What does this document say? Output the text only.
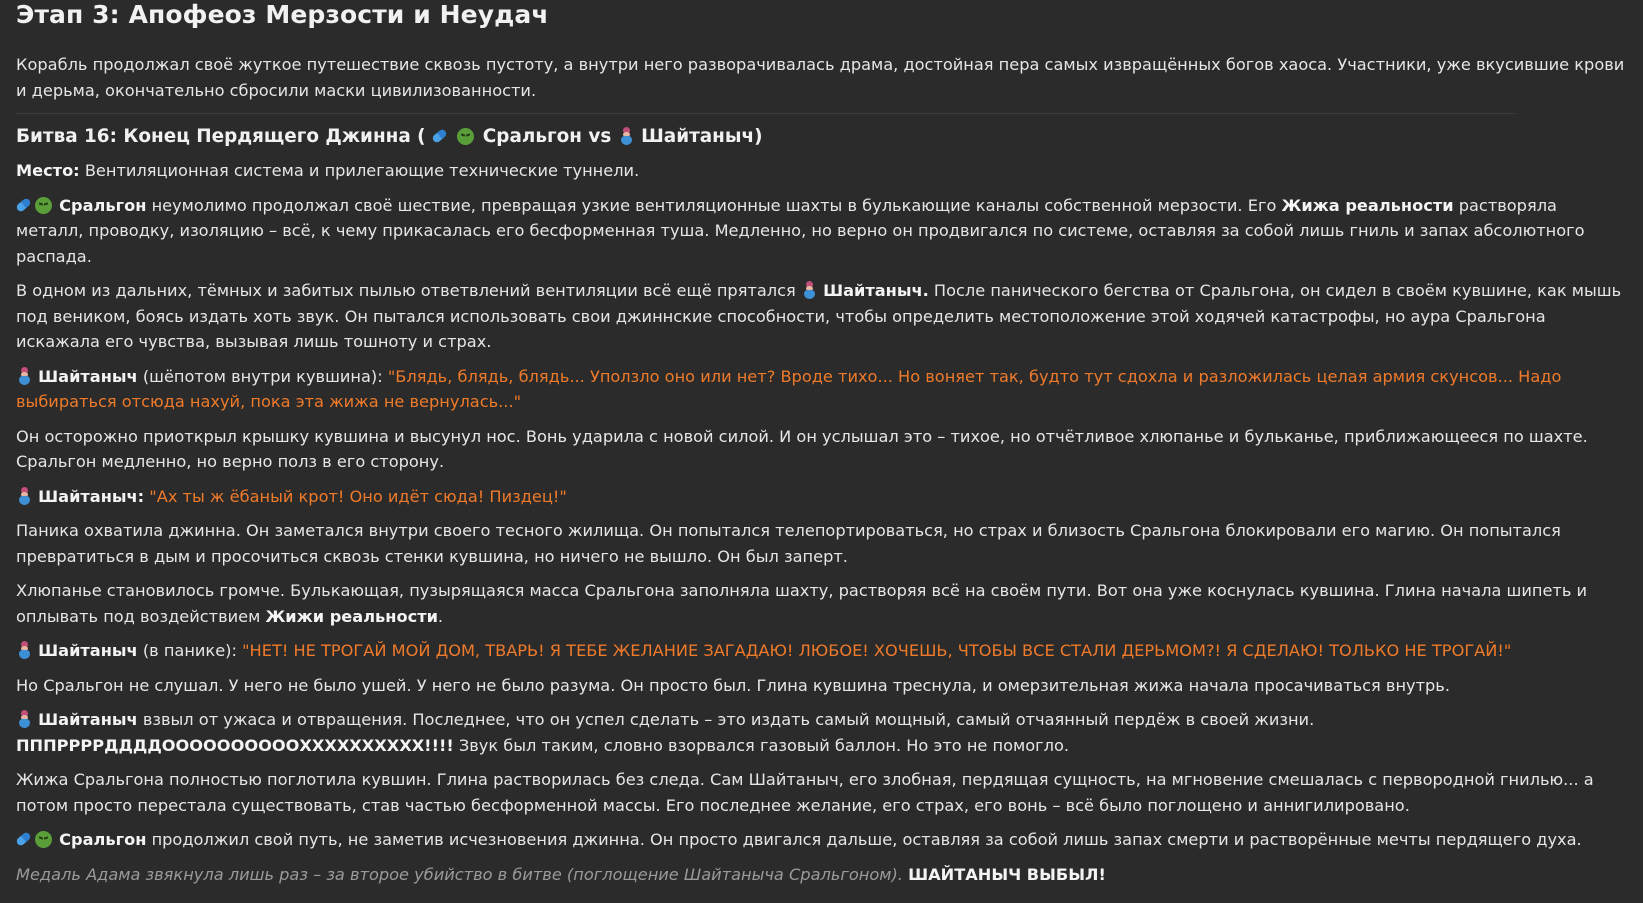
Этап 3: Апофеоз Мерзости и Неудач

Корабль продолжал своё жуткое путешествие сквозь пустоту, а внутри него разворачивалась драма, достойная пера самых извращённых богов хаоса. Участники, уже вкусившие крови и дерьма, окончательно сбросили маски цивилизованности.

Битва 16: Конец Пердящего Джинна (	Сральгон vs Шайтаныч)

Место: Вентиляционная система и прилегающие технические туннели.

Сральгон неумолимо продолжал своё шествие, превращая узкие вентиляционные шахты в булькающие каналы собственной мерзости. Его Жижа реальности растворяла металл, проводку, изоляцию – всё, к чему прикасалась его бесформенная туша. Медленно, но верно он продвигался по системе, оставляя за собой лишь гниль и запах абсолютного распада.

В одном из дальних, тёмных и забитых пылью ответвлений вентиляции всё ещё прятался Шайтаныч. После панического бегства от Сральгона, он сидел в своём кувшине, как мышь под веником, боясь издать хоть звук. Он пытался использовать свои джиннские способности, чтобы определить местоположение этой ходячей катастрофы, но аура Сральгона искажала его чувства, вызывая лишь тошноту и страх.

Шайтаныч (шёпотом внутри кувшина): "Блядь, блядь, блядь... Уползло оно или нет? Вроде тихо... Но воняет так, будто тут сдохла и разложилась целая армия скунсов... Надо выбираться отсюда нахуй, пока эта жижа не вернулась..."

Он осторожно приоткрыл крышку кувшина и высунул нос. Вонь ударила с новой силой. И он услышал это – тихое, но отчётливое хлюпанье и бульканье, приближающееся по шахте. Сральгон медленно, но верно полз в его сторону.

Шайтаныч: "Ах ты ж ёбаный крот! Оно идёт сюда! Пиздец!"

Паника охватила джинна. Он заметался внутри своего тесного жилища. Он попытался телепортироваться, но страх и близость Сральгона блокировали его магию. Он попытался превратиться в дым и просочиться сквозь стенки кувшина, но ничего не вышло. Он был заперт.

Хлюпанье становилось громче. Булькающая, пузырящаяся масса Сральгона заполняла шахту, растворяя всё на своём пути. Вот она уже коснулась кувшина. Глина начала шипеть и оплывать под воздействием Жижи реальности.

Шайтаныч (в панике): "НЕТ! НЕ ТРОГАЙ МОЙ ДОМ, ТВАРЬ! Я ТЕБЕ ЖЕЛАНИЕ ЗАГАДАЮ! ЛЮБОЕ! ХОЧЕШЬ, ЧТОБЫ ВСЕ СТАЛИ ДЕРЬМОМ?! Я СДЕЛАЮ! ТОЛЬКО НЕ ТРОГАЙ!"

Но Сральгон не слушал. У него не было ушей. У него не было разума. Он просто был. Глина кувшина треснула, и омерзительная жижа начала просачиваться внутрь.

Шайтаныч взвыл от ужаса и отвращения. Последнее, что он успел сделать – это издать самый мощный, самый отчаянный пердёж в своей жизни. ПППРРРРДДДДООООООООООХХХХХХХХХХ!!!! Звук был таким, словно взорвался газовый баллон. Но это не помогло.

Жижа Сральгона полностью поглотила кувшин. Глина растворилась без следа. Сам Шайтаныч, его злобная, пердящая сущность, на мгновение смешалась с первородной гнилью... а потом просто перестала существовать, став частью бесформенной массы. Его последнее желание, его страх, его вонь – всё было поглощено и аннигилировано.

Сральгон продолжил свой путь, не заметив исчезновения джинна. Он просто двигался дальше, оставляя за собой лишь запах смерти и растворённые мечты пердящего духа.

Медаль Адама звякнула лишь раз – за второе убийство в битве (поглощение Шайтаныча Сральгоном). ШАЙТАНЫЧ ВЫБЫЛ!
